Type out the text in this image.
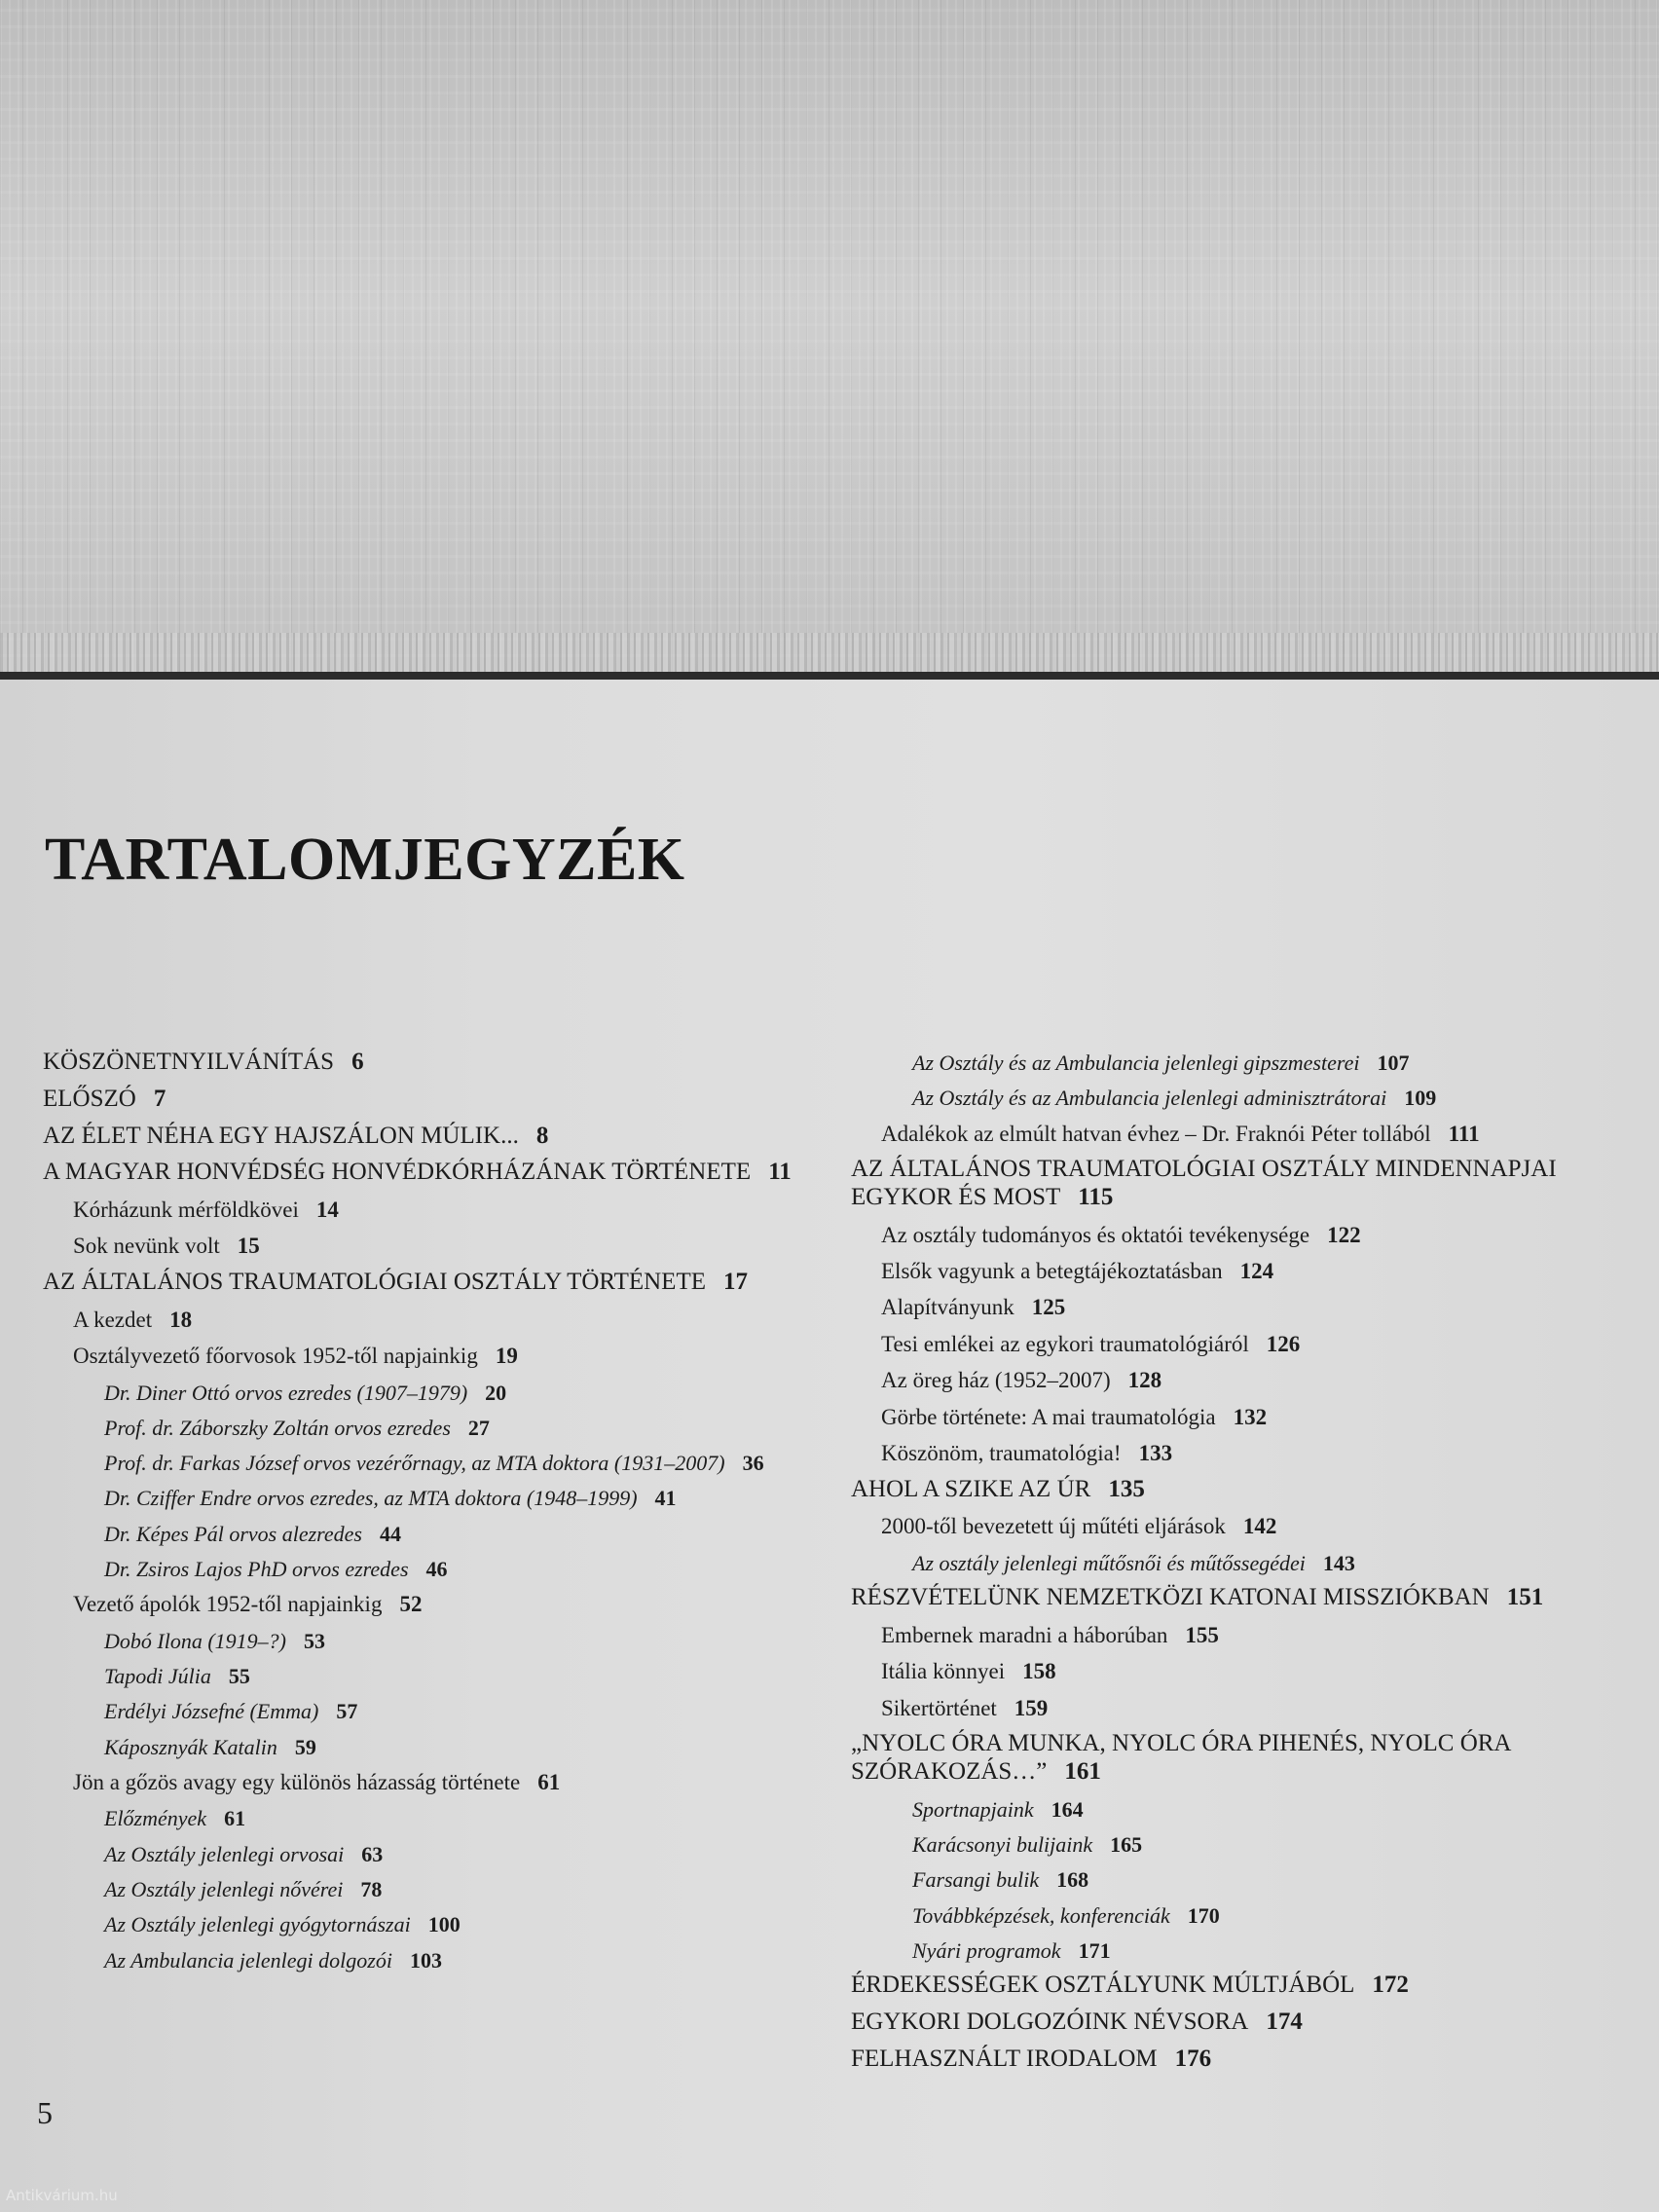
TARTALOMJEGYZÉK
KÖSZÖNETNYILVÁNÍTÁS 6
ELŐSZÓ 7
AZ ÉLET NÉHA EGY HAJSZÁLON MÚLIK... 8
A MAGYAR HONVÉDSÉG HONVÉDKÓRHÁZÁNAK TÖRTÉNETE 11
Kórházunk mérföldkövei 14
Sok nevünk volt 15
AZ ÁLTALÁNOS TRAUMATOLÓGIAI OSZTÁLY TÖRTÉNETE 17
A kezdet 18
Osztályvezető főorvosok 1952-től napjainkig 19
Dr. Diner Ottó orvos ezredes (1907–1979) 20
Prof. dr. Záborszky Zoltán orvos ezredes 27
Prof. dr. Farkas József orvos vezérőrnagy, az MTA doktora (1931–2007) 36
Dr. Cziffer Endre orvos ezredes, az MTA doktora (1948–1999) 41
Dr. Képes Pál orvos alezredes 44
Dr. Zsiros Lajos PhD orvos ezredes 46
Vezető ápolók 1952-től napjainkig 52
Dobó Ilona (1919–?) 53
Tapodi Júlia 55
Erdélyi Józsefné (Emma) 57
Káposznyák Katalin 59
Jön a gőzös avagy egy különös házasság története 61
Előzmények 61
Az Osztály jelenlegi orvosai 63
Az Osztály jelenlegi nővérei 78
Az Osztály jelenlegi gyógytornászai 100
Az Ambulancia jelenlegi dolgozói 103
Az Osztály és az Ambulancia jelenlegi gipszmesterei 107
Az Osztály és az Ambulancia jelenlegi adminisztrátorai 109
Adalékok az elmúlt hatvan évhez – Dr. Fraknói Péter tollából 111
AZ ÁLTALÁNOS TRAUMATOLÓGIAI OSZTÁLY MINDENNAPJAI EGYKOR ÉS MOST 115
Az osztály tudományos és oktatói tevékenysége 122
Elsők vagyunk a betegtájékoztatásban 124
Alapítványunk 125
Tesi emlékei az egykori traumatológiáról 126
Az öreg ház (1952–2007) 128
Görbe története: A mai traumatológia 132
Köszönöm, traumatológia! 133
AHOL A SZIKE AZ ÚR 135
2000-től bevezetett új műtéti eljárások 142
Az osztály jelenlegi műtősnői és műtőssegédei 143
RÉSZVÉTELÜNK NEMZETKÖZI KATONAI MISSZIÓKBAN 151
Embernek maradni a háborúban 155
Itália könnyei 158
Sikertörténet 159
„NYOLC ÓRA MUNKA, NYOLC ÓRA PIHENÉS, NYOLC ÓRA SZÓRAKOZÁS…” 161
Sportnapjaink 164
Karácsonyi bulijaink 165
Farsangi bulik 168
Továbbképzések, konferenciák 170
Nyári programok 171
ÉRDEKESSÉGEK OSZTÁLYUNK MÚLTJÁBÓL 172
EGYKORI DOLGOZÓINK NÉVSORA 174
FELHASZNÁLT IRODALOM 176
5
Antikvárium.hu
